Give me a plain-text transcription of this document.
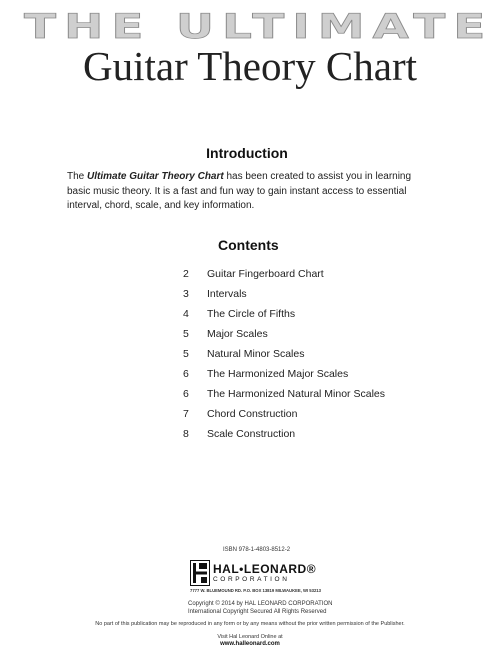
THE ULTIMATE
Guitar Theory Chart
Introduction
The Ultimate Guitar Theory Chart has been created to assist you in learning basic music theory. It is a fast and fun way to gain instant access to essential interval, chord, scale, and key information.
Contents
2	Guitar Fingerboard Chart
3	Intervals
4	The Circle of Fifths
5	Major Scales
5	Natural Minor Scales
6	The Harmonized Major Scales
6	The Harmonized Natural Minor Scales
7	Chord Construction
8	Scale Construction
ISBN 978-1-4803-8512-2
HAL•LEONARD®
CORPORATION
7777 W. BLUEMOUND RD. P.O. BOX 13819 MILWAUKEE, WI 53213
Copyright © 2014 by HAL LEONARD CORPORATION
International Copyright Secured All Rights Reserved
No part of this publication may be reproduced in any form or by any means without the prior written permission of the Publisher.
Visit Hal Leonard Online at
www.halleonard.com
